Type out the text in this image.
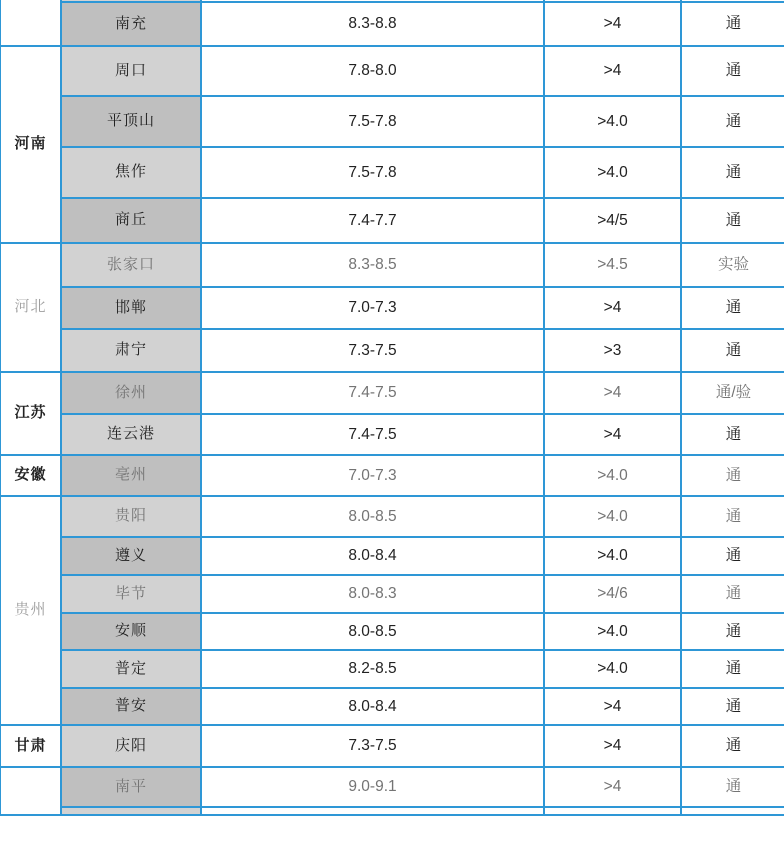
	南充	8.3-8.8	>4	通
河南	周口	7.8-8.0	>4	通
	平顶山	7.5-7.8	>4.0	通
	焦作	7.5-7.8	>4.0	通
	商丘	7.4-7.7	>4/5	通
河北	张家口	8.3-8.5	>4.5	实验
	邯郸	7.0-7.3	>4	通
	肃宁	7.3-7.5	>3	通
江苏	徐州	7.4-7.5	>4	通/验
	连云港	7.4-7.5	>4	通
安徽	亳州	7.0-7.3	>4.0	通
贵州	贵阳	8.0-8.5	>4.0	通
	遵义	8.0-8.4	>4.0	通
	毕节	8.0-8.3	>4/6	通
	安顺	8.0-8.5	>4.0	通
	普定	8.2-8.5	>4.0	通
	普安	8.0-8.4	>4	通
甘肃	庆阳	7.3-7.5	>4	通
	南平	9.0-9.1	>4	通
